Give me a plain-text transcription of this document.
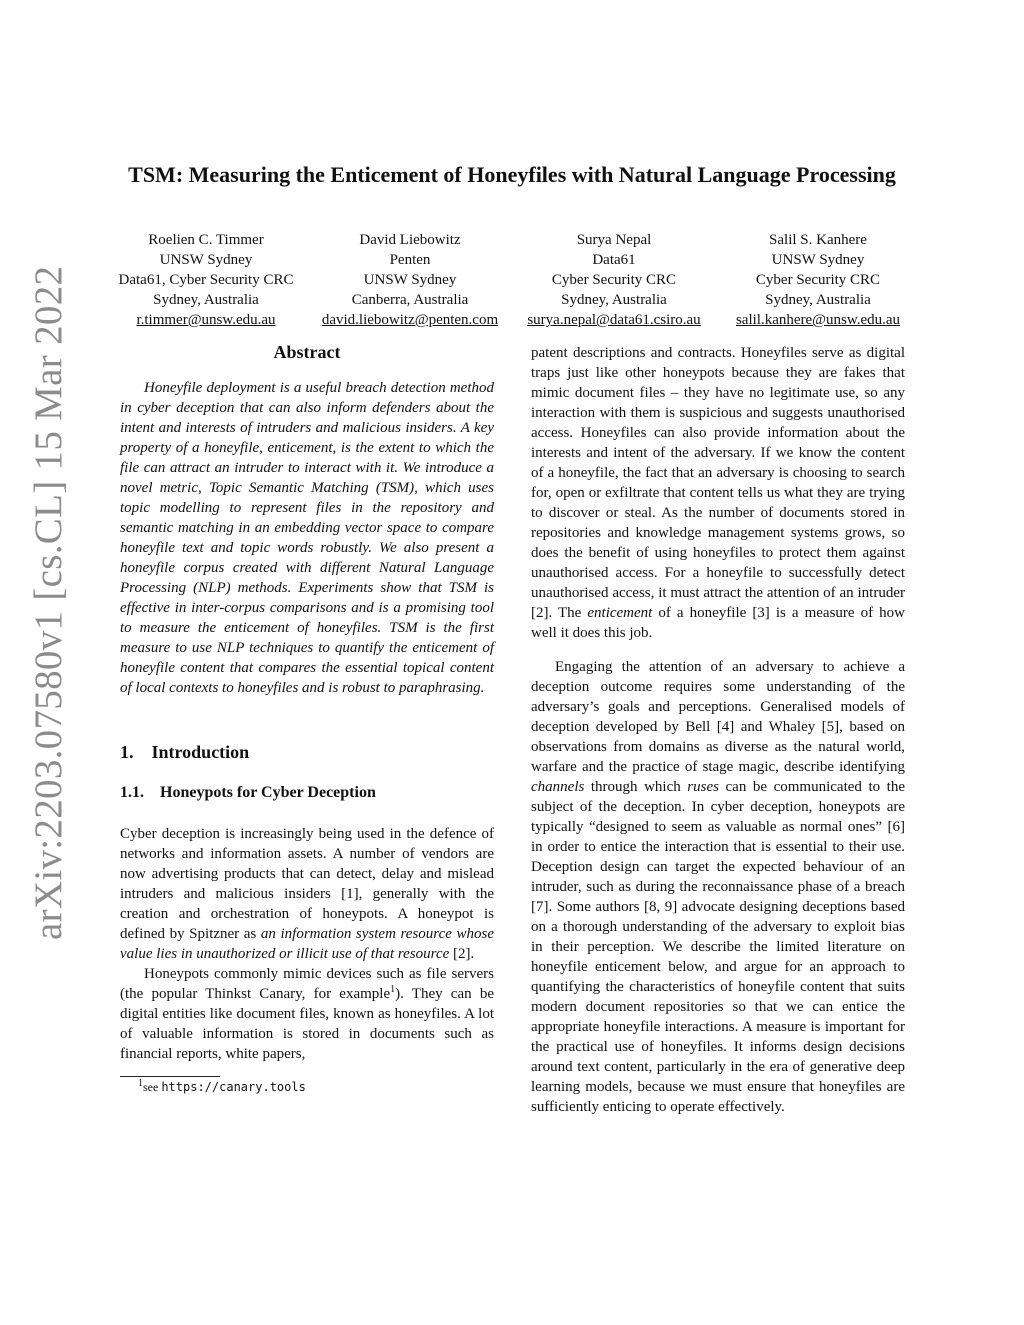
arXiv:2203.07580v1 [cs.CL] 15 Mar 2022
TSM: Measuring the Enticement of Honeyfiles with Natural Language Processing
Roelien C. Timmer
UNSW Sydney
Data61, Cyber Security CRC
Sydney, Australia
r.timmer@unsw.edu.au
David Liebowitz
Penten
UNSW Sydney
Canberra, Australia
david.liebowitz@penten.com
Surya Nepal
Data61
Cyber Security CRC
Sydney, Australia
surya.nepal@data61.csiro.au
Salil S. Kanhere
UNSW Sydney
Cyber Security CRC
Sydney, Australia
salil.kanhere@unsw.edu.au
Abstract

Honeyfile deployment is a useful breach detection method in cyber deception that can also inform defenders about the intent and interests of intruders and malicious insiders. A key property of a honeyfile, enticement, is the extent to which the file can attract an intruder to interact with it. We introduce a novel metric, Topic Semantic Matching (TSM), which uses topic modelling to represent files in the repository and semantic matching in an embedding vector space to compare honeyfile text and topic words robustly. We also present a honeyfile corpus created with different Natural Language Processing (NLP) methods. Experiments show that TSM is effective in inter-corpus comparisons and is a promising tool to measure the enticement of honeyfiles. TSM is the first measure to use NLP techniques to quantify the enticement of honeyfile content that compares the essential topical content of local contexts to honeyfiles and is robust to paraphrasing.

1. Introduction
1.1. Honeypots for Cyber Deception

Cyber deception is increasingly being used in the defence of networks and information assets. A number of vendors are now advertising products that can detect, delay and mislead intruders and malicious insiders [1], generally with the creation and orchestration of honeypots. A honeypot is defined by Spitzner as an information system resource whose value lies in unauthorized or illicit use of that resource [2].

Honeypots commonly mimic devices such as file servers (the popular Thinkst Canary, for example$^1$). They can be digital entities like document files, known as honeyfiles. A lot of valuable information is stored in documents such as financial reports, white papers,

$^1$see https://canary.tools

patent descriptions and contracts. Honeyfiles serve as digital traps just like other honeypots because they are fakes that mimic document files – they have no legitimate use, so any interaction with them is suspicious and suggests unauthorised access. Honeyfiles can also provide information about the interests and intent of the adversary. If we know the content of a honeyfile, the fact that an adversary is choosing to search for, open or exfiltrate that content tells us what they are trying to discover or steal. As the number of documents stored in repositories and knowledge management systems grows, so does the benefit of using honeyfiles to protect them against unauthorised access. For a honeyfile to successfully detect unauthorised access, it must attract the attention of an intruder [2]. The enticement of a honeyfile [3] is a measure of how well it does this job.

Engaging the attention of an adversary to achieve a deception outcome requires some understanding of the adversary’s goals and perceptions. Generalised models of deception developed by Bell [4] and Whaley [5], based on observations from domains as diverse as the natural world, warfare and the practice of stage magic, describe identifying channels through which ruses can be communicated to the subject of the deception. In cyber deception, honeypots are typically “designed to seem as valuable as normal ones” [6] in order to entice the interaction that is essential to their use. Deception design can target the expected behaviour of an intruder, such as during the reconnaissance phase of a breach [7]. Some authors [8, 9] advocate designing deceptions based on a thorough understanding of the adversary to exploit bias in their perception. We describe the limited literature on honeyfile enticement below, and argue for an approach to quantifying the characteristics of honeyfile content that suits modern document repositories so that we can entice the appropriate honeyfile interactions. A measure is important for the practical use of honeyfiles. It informs design decisions around text content, particularly in the era of generative deep learning models, because we must ensure that honeyfiles are sufficiently enticing to operate effectively.
